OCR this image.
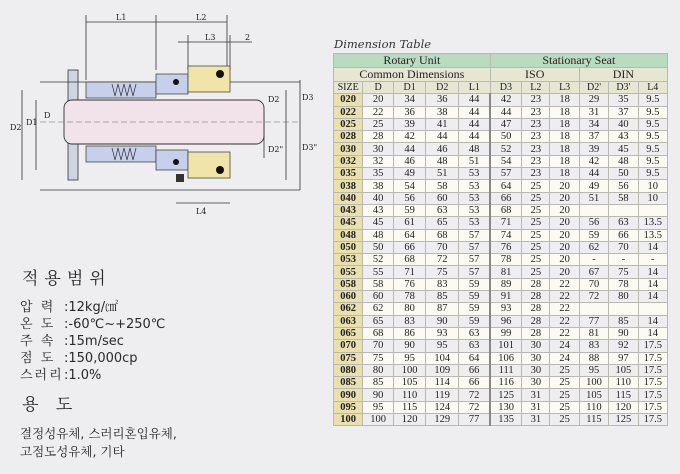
L1	L2
L3	2
D2
D1
D
D2	D3
D2" D3"
L4
적용범위
압 력 :12kg/㎠
온 도 :-60℃~+250℃
주 속 :15m/sec
점 도 :150,000cp
스러리:1.0%
용 도
결정성유체, 스러리혼입유체,
고점도성유체, 기타
Dimension Table
Rotary Unit					Stationary Seat					
Common Dimensions					ISO			DIN		
SIZE	D	D1	D2	L1	D3	L2	L3	D2'	D3'	L4
020	20	34	36	44	42	23	18	29	35	9.5
022	22	36	38	44	44	23	18	31	37	9.5
025	25	39	41	44	47	23	18	34	40	9.5
028	28	42	44	44	50	23	18	37	43	9.5
030	30	44	46	48	52	23	18	39	45	9.5
032	32	46	48	51	54	23	18	42	48	9.5
035	35	49	51	53	57	23	18	44	50	9.5
038	38	54	58	53	64	25	20	49	56	10
040	40	56	60	53	66	25	20	51	58	10
043	43	59	63	53	68	25	20			
045	45	61	65	53	71	25	20	56	63	13.5
048	48	64	68	57	74	25	20	59	66	13.5
050	50	66	70	57	76	25	20	62	70	14
053	52	68	72	57	78	25	20	-	-	-
055	55	71	75	57	81	25	20	67	75	14
058	58	76	83	59	89	28	22	70	78	14
060	60	78	85	59	91	28	22	72	80	14
062	62	80	87	59	93	28	22			
063	65	83	90	59	96	28	22	77	85	14
065	68	86	93	63	99	28	22	81	90	14
070	70	90	95	63	101	30	24	83	92	17.5
075	75	95	104	64	106	30	24	88	97	17.5
080	80	100	109	66	111	30	25	95	105	17.5
085	85	105	114	66	116	30	25	100	110	17.5
090	90	110	119	72	125	31	25	105	115	17.5
095	95	115	124	72	130	31	25	110	120	17.5
100	100	120	129	77	135	31	25	115	125	17.5
